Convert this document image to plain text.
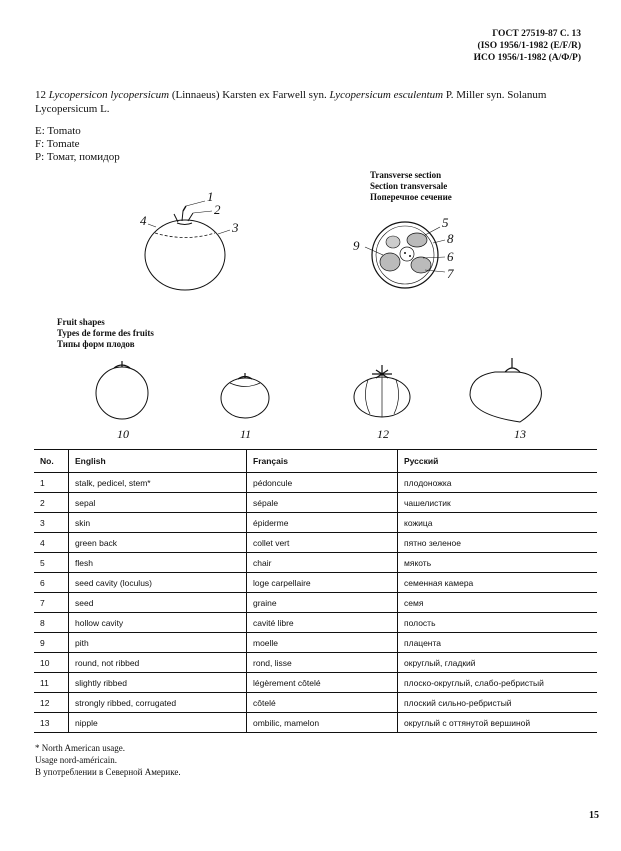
ГОСТ 27519-87 С. 13
(ISO 1956/1-1982 (E/F/R)
ИСО 1956/1-1982 (А/Ф/Р)
12 Lycopersicon lycopersicum (Linnaeus) Karsten ex Farwell syn. Lycopersicum esculentum P. Miller syn. Solanum Lycopersicum L.
E: Tomato
F: Tomate
P: Томат, помидор
Transverse section
Section transversale
Поперечное сечение
1
2
3
4	5
8
9
6
7
Fruit shapes
Types de forme des fruits
Типы форм плодов
10	11	12	13
No.	English	Français	Русский
1	stalk, pedicel, stem*	pédoncule	плодоножка
2	sepal	sépale	чашелистик
3	skin	épiderme	кожица
4	green back	collet vert	пятно зеленое
5	flesh	chair	мякоть
6	seed cavity (loculus)	loge carpellaire	семенная камера
7	seed	graine	семя
8	hollow cavity	cavité libre	полость
9	pith	moelle	плацента
10	round, not ribbed	rond, lisse	округлый, гладкий
11	slightly ribbed	légèrement côtelé	плоско-округлый, слабо-ребристый
12	strongly ribbed, corrugated	côtelé	плоский сильно-ребристый
13	nipple	ombilic, mamelon	округлый с оттянутой вершиной
* North American usage.
Usage nord-américain.
В употреблении в Северной Америке.
15
